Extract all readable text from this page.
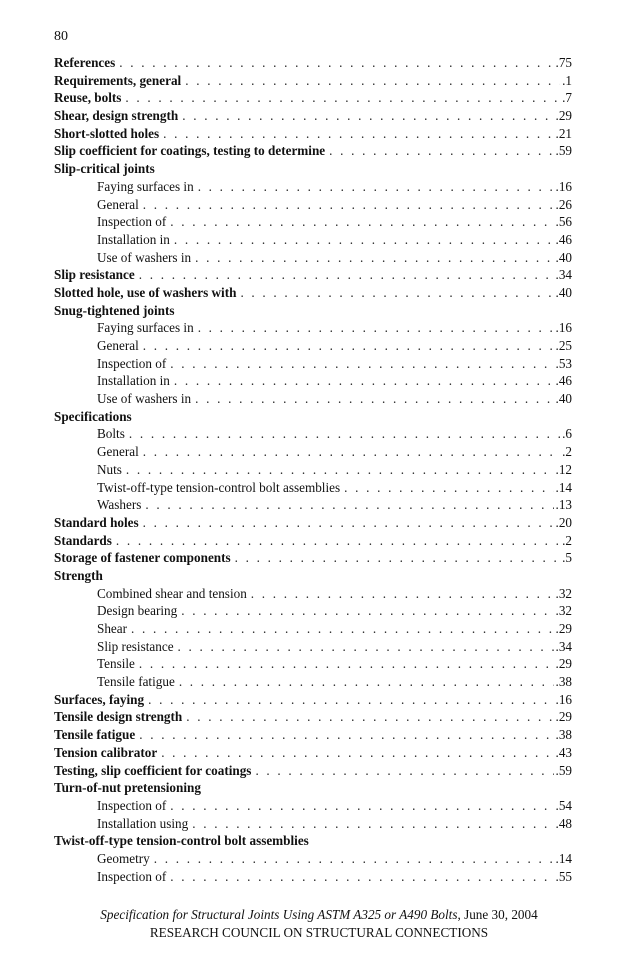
80
References . . .	.75
Requirements, general . . .	.1
Reuse, bolts . . .	.7
Shear, design strength . . .	.29
Short-slotted holes . . .	.21
Slip coefficient for coatings, testing to determine . . .	.59
Slip-critical joints
Faying surfaces in . . .	.16
General . . .	.26
Inspection of . . .	.56
Installation in . . .	.46
Use of washers in . . .	.40
Slip resistance . . .	.34
Slotted hole, use of washers with . . .	.40
Snug-tightened joints
Faying surfaces in . . .	.16
General . . .	.25
Inspection of . . .	.53
Installation in . . .	.46
Use of washers in . . .	.40
Specifications
Bolts . . .	.6
General . . .	.2
Nuts . . .	.12
Twist-off-type tension-control bolt assemblies . . .	.14
Washers . . .	.13
Standard holes . . .	.20
Standards . . .	.2
Storage of fastener components . . .	.5
Strength
Combined shear and tension . . .	.32
Design bearing . . .	.32
Shear . . .	.29
Slip resistance . . .	.34
Tensile . . .	.29
Tensile fatigue . . .	.38
Surfaces, faying . . .	.16
Tensile design strength . . .	.29
Tensile fatigue . . .	.38
Tension calibrator . . .	.43
Testing, slip coefficient for coatings . . .	.59
Turn-of-nut pretensioning
Inspection of . . .	.54
Installation using . . .	.48
Twist-off-type tension-control bolt assemblies
Geometry . . .	.14
Inspection of . . .	.55
Specification for Structural Joints Using ASTM A325 or A490 Bolts, June 30, 2004
RESEARCH COUNCIL ON STRUCTURAL CONNECTIONS
